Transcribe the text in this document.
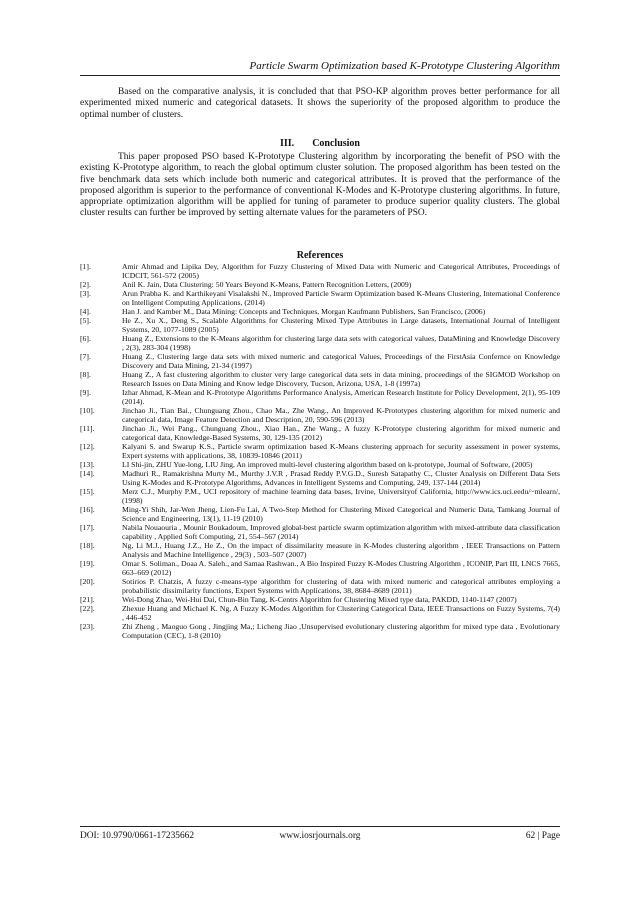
Particle Swarm Optimization based K-Prototype Clustering Algorithm

Based on the comparative analysis, it is concluded that that PSO-KP algorithm proves better performance for all experimented mixed numeric and categorical datasets. It shows the superiority of the proposed algorithm to produce the optimal number of clusters.

III. Conclusion

This paper proposed PSO based K-Prototype Clustering algorithm by incorporating the benefit of PSO with the existing K-Prototype algorithm, to reach the global optimum cluster solution. The proposed algorithm has been tested on the five benchmark data sets which include both numeric and categorical attributes. It is proved that the performance of the proposed algorithm is superior to the performance of conventional K-Modes and K-Prototype clustering algorithms. In future, appropriate optimization algorithm will be applied for tuning of parameter to produce superior quality clusters. The global cluster results can further be improved by setting alternate values for the parameters of PSO.

References
[1].	Amir Ahmad and Lipika Dey, Algorithm for Fuzzy Clustering of Mixed Data with Numeric and Categorical Attributes, Proceedings of ICDCIT, 561-572 (2005)
[2].	Anil K. Jain, Data Clustering: 50 Years Beyond K-Means, Pattern Recognition Letters, (2009)
[3].	Arun Prabha K. and Karthikeyani Visalakshi N., Improved Particle Swarm Optimization based K-Means Clustering, International Conference on Intelligent Computing Applications, (2014)
[4].	Han J. and Kamber M., Data Mining: Concepts and Techniques, Morgan Kaufmann Publishers, San Francisco, (2006)
[5].	He Z., Xu X., Deng S., Scalable Algorithms for Clustering Mixed Type Attributes in Large datasets, International Journal of Intelligent Systems, 20, 1077-1089 (2005)
[6].	Huang Z., Extensions to the K-Means algorithm for clustering large data sets with categorical values, DataMining and Knowledge Discovery , 2(3), 283-304 (1998)
[7].	Huang Z., Clustering large data sets with mixed numeric and categorical Values, Proceedings of the FirstAsia Confernce on Knowledge Discovery and Data Mining, 21-34 (1997)
[8].	Huang Z., A fast clustering algorithm to cluster very large categorical data sets in data mining, proceedings of the SIGMOD Workshop on Research Issues on Data Mining and Know ledge Discovery, Tucson, Arizona, USA, 1-8 (1997a)
[9].	Izhar Ahmad, K-Mean and K-Prototype Algorithms Performance Analysis, American Research Institute for Policy Development, 2(1), 95-109 (2014).
[10].	Jinchao Ji., Tian Bai., Chunguang Zhou., Chao Ma., Zhe Wang., An Improved K-Prototypes clustering algorithm for mixed numeric and categorical data, Image Feature Detection and Description, 20, 590-596 (2013)
[11].	Jinchao Ji., Wei Pang., Chunguang Zhou., Xiao Han., Zhe Wang., A fuzzy K-Prototype clustering algorithm for mixed numeric and categorical data, Knowledge-Based Systems, 30, 129-135 (2012)
[12].	Kalyani S. and Swarup K.S., Particle swarm optimization based K-Means clustering approach for security assessment in power systems, Expert systems with applications, 38, 10839-10846 (2011)
[13].	LI Shi-jin, ZHU Yue-long, LIU Jing, An improved multi-level clustering algorithm based on k-prototype, Journal of Software, (2005)
[14].	Madhuri R., Ramakrishna Murty M., Murthy J.V.R , Prasad Reddy P.V.G.D., Suresh Satapathy C., Cluster Analysis on Different Data Sets Using K-Modes and K-Prototype Algorithms, Advances in Intelligent Systems and Computing, 249, 137-144 (2014)
[15].	Merz C.J., Murphy P.M., UCI repository of machine learning data bases, Irvine, Universityof California, http://www.ics.uci.eedu/~mlearn/, (1998)
[16].	Ming-Yi Shih, Jar-Wen Jheng, Lien-Fu Lai, A Two-Step Method for Clustering Mixed Categorical and Numeric Data, Tamkang Journal of Science and Engineering, 13(1), 11-19 (2010)
[17].	Nabila Nouaouria , Mounir Boukadoum, Improved global-best particle swarm optimization algorithm with mixed-attribute data classification capability , Applied Soft Computing, 21, 554–567 (2014)
[18].	Ng, Li M.J., Huang J.Z., He Z., On the impact of dissimilarity measure in K-Modes clustering algorithm , IEEE Transactions on Pattern Analysis and Machine Intelligence , 29(3) , 503–507 (2007)
[19].	Omar S. Soliman., Doaa A. Saleh., and Samaa Rashwan., A Bio Inspired Fuzzy K-Modes Clustring Algorithm , ICONIP, Part III, LNCS 7665, 663–669 (2012)
[20].	Sotirios P. Chatzis, A fuzzy c-means-type algorithm for clustering of data with mixed numeric and categorical attributes employing a probabilistic dissimilarity functions, Expert Systems with Applications, 38, 8684–8689 (2011)
[21].	Wei-Dong Zhao, Wei-Hui Dai, Chun-Bin Tang, K-Centrs Algorithm for Clustering Mixed type data, PAKDD, 1140-1147 (2007)
[22].	Zhexue Huang and Michael K. Ng, A Fuzzy K-Modes Algorithm for Clustering Categorical Data, IEEE Transactions on Fuzzy Systems, 7(4) , 446-452
[23].	Zhi Zheng , Maoguo Gong , Jingjing Ma,; Licheng Jiao ,Unsupervised evolutionary clustering algorithm for mixed type data , Evolutionary Computation (CEC), 1-8 (2010)
DOI: 10.9790/0661-17235662	www.iosrjournals.org	62 | Page
